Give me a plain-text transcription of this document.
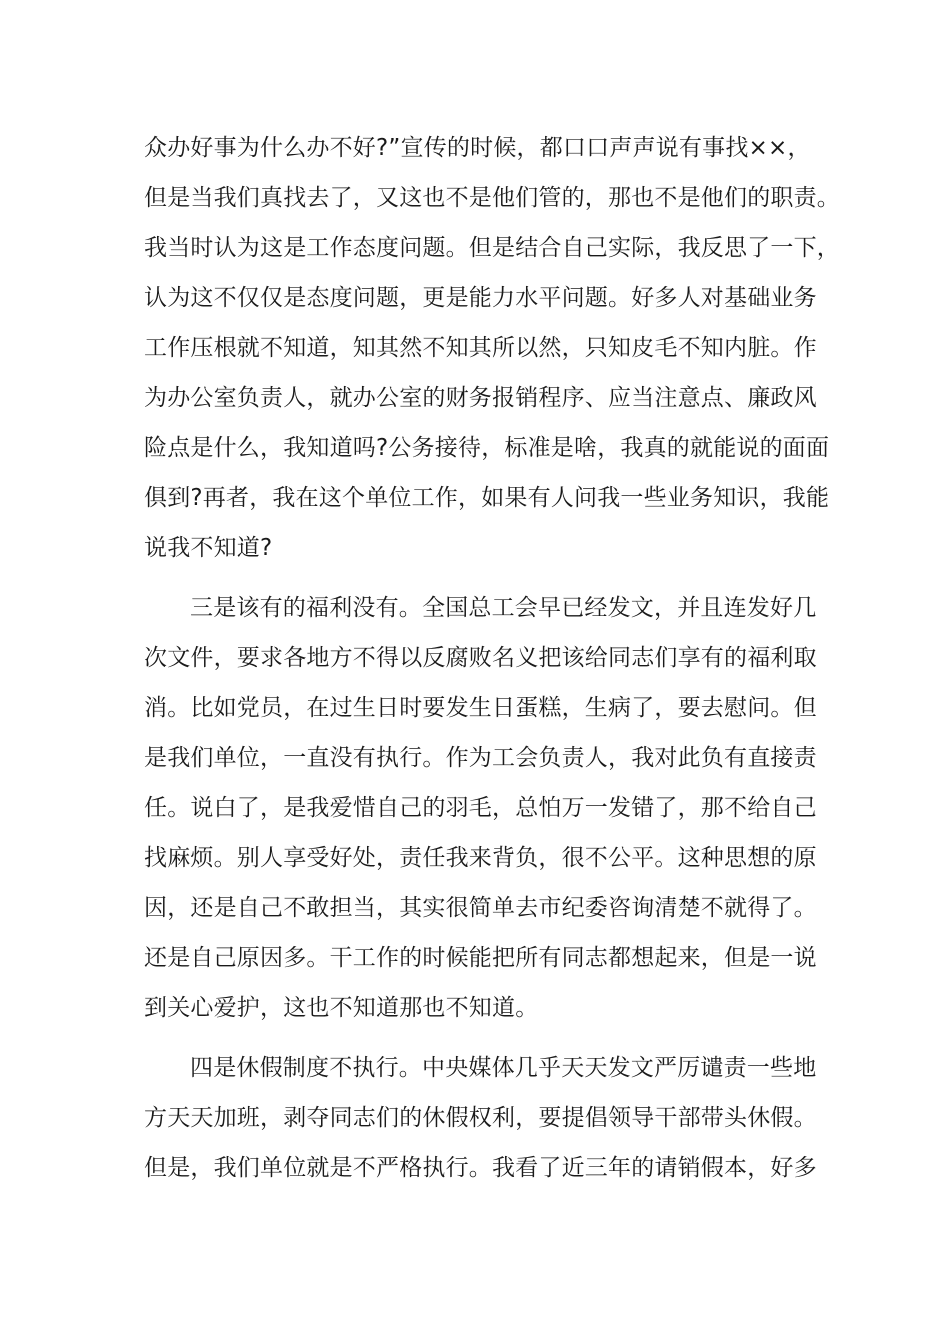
众办好事为什么办不好?”宣传的时候，都口口声声说有事找××，
但是当我们真找去了，又这也不是他们管的，那也不是他们的职责。
我当时认为这是工作态度问题。但是结合自己实际，我反思了一下，
认为这不仅仅是态度问题，更是能力水平问题。好多人对基础业务
工作压根就不知道，知其然不知其所以然，只知皮毛不知内脏。作
为办公室负责人，就办公室的财务报销程序、应当注意点、廉政风
险点是什么，我知道吗?公务接待，标准是啥，我真的就能说的面面
俱到?再者，我在这个单位工作，如果有人问我一些业务知识，我能
说我不知道?

三是该有的福利没有。全国总工会早已经发文，并且连发好几
次文件，要求各地方不得以反腐败名义把该给同志们享有的福利取
消。比如党员，在过生日时要发生日蛋糕，生病了，要去慰问。但
是我们单位，一直没有执行。作为工会负责人，我对此负有直接责
任。说白了，是我爱惜自己的羽毛，总怕万一发错了，那不给自己
找麻烦。别人享受好处，责任我来背负，很不公平。这种思想的原
因，还是自己不敢担当，其实很简单去市纪委咨询清楚不就得了。
还是自己原因多。干工作的时候能把所有同志都想起来，但是一说
到关心爱护，这也不知道那也不知道。

四是休假制度不执行。中央媒体几乎天天发文严厉谴责一些地
方天天加班，剥夺同志们的休假权利，要提倡领导干部带头休假。
但是，我们单位就是不严格执行。我看了近三年的请销假本，好多
